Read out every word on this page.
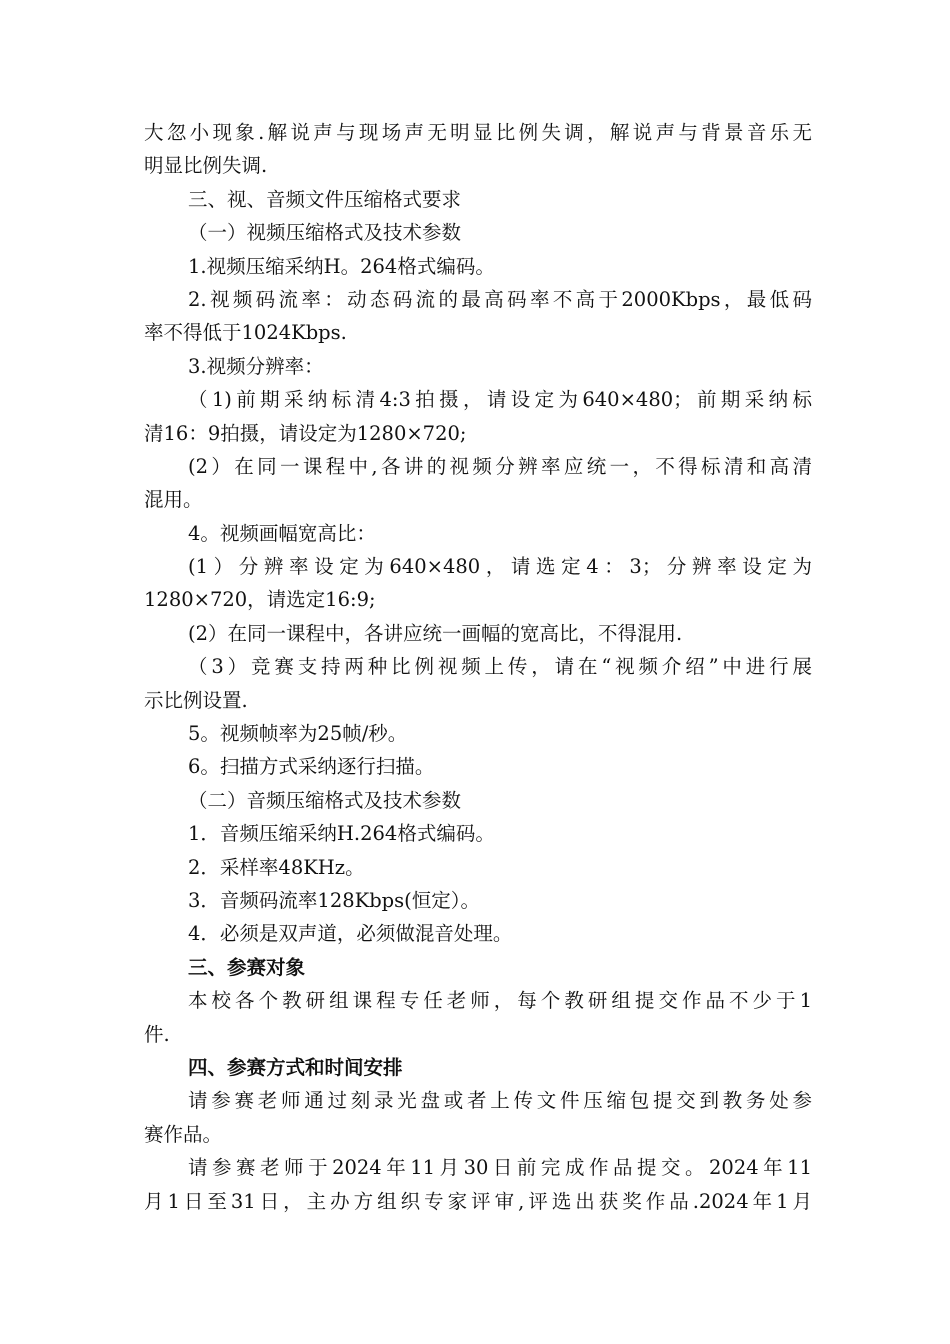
大忽小现象.解说声与现场声无明显比例失调，解说声与背景音乐无
明显比例失调.
三、视、音频文件压缩格式要求
（一）视频压缩格式及技术参数
1.视频压缩采纳H。264格式编码。
2.视频码流率：动态码流的最高码率不高于2000Kbps，最低码
率不得低于1024Kbps.
3.视频分辨率：
（1)前期采纳标清4:3拍摄，请设定为640×480；前期采纳标
清16：9拍摄，请设定为1280×720;
(2）在同一课程中,各讲的视频分辨率应统一，不得标清和高清
混用。
4。视频画幅宽高比：
(1）分辨率设定为640×480，请选定4：3；分辨率设定为
1280×720，请选定16:9;
(2）在同一课程中，各讲应统一画幅的宽高比，不得混用.
（3）竞赛支持两种比例视频上传，请在“视频介绍”中进行展
示比例设置.
5。视频帧率为25帧/秒。
6。扫描方式采纳逐行扫描。
（二）音频压缩格式及技术参数
1．音频压缩采纳H.264格式编码。
2．采样率48KHz。
3．音频码流率128Kbps(恒定）。
4．必须是双声道，必须做混音处理。
三、参赛对象
本校各个教研组课程专任老师，每个教研组提交作品不少于1
件.
四、参赛方式和时间安排
请参赛老师通过刻录光盘或者上传文件压缩包提交到教务处参
赛作品。
请参赛老师于2024年11月30日前完成作品提交。2024年11
月1日至31日，主办方组织专家评审,评选出获奖作品.2024年1月
